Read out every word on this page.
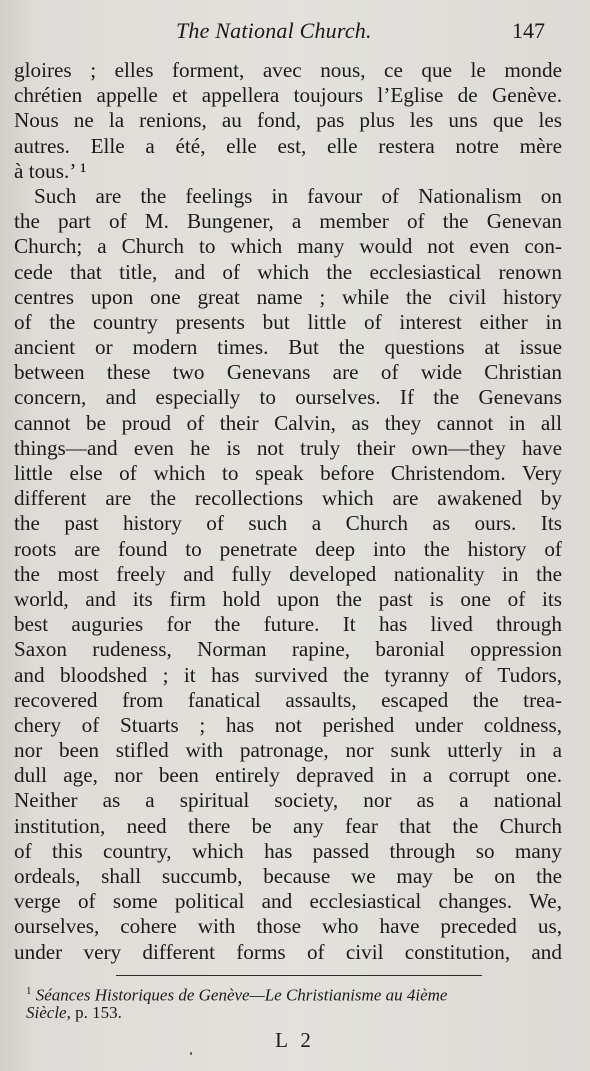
The National Church.	147
gloires ; elles forment, avec nous, ce que le monde
chrétien appelle et appellera toujours l’Eglise de Genève.
Nous ne la renions, au fond, pas plus les uns que les
autres. Elle a été, elle est, elle restera notre mère
à tous.’ ¹
Such are the feelings in favour of Nationalism on
the part of M. Bungener, a member of the Genevan
Church; a Church to which many would not even con-
cede that title, and of which the ecclesiastical renown
centres upon one great name ; while the civil history
of the country presents but little of interest either in
ancient or modern times. But the questions at issue
between these two Genevans are of wide Christian
concern, and especially to ourselves. If the Genevans
cannot be proud of their Calvin, as they cannot in all
things—and even he is not truly their own—they have
little else of which to speak before Christendom. Very
different are the recollections which are awakened by
the past history of such a Church as ours. Its
roots are found to penetrate deep into the history of
the most freely and fully developed nationality in the
world, and its firm hold upon the past is one of its
best auguries for the future. It has lived through
Saxon rudeness, Norman rapine, baronial oppression
and bloodshed ; it has survived the tyranny of Tudors,
recovered from fanatical assaults, escaped the trea-
chery of Stuarts ; has not perished under coldness,
nor been stifled with patronage, nor sunk utterly in a
dull age, nor been entirely depraved in a corrupt one.
Neither as a spiritual society, nor as a national
institution, need there be any fear that the Church
of this country, which has passed through so many
ordeals, shall succumb, because we may be on the
verge of some political and ecclesiastical changes. We,
ourselves, cohere with those who have preceded us,
under very different forms of civil constitution, and
$^1$ Séances Historiques de Genève—Le Christianisme au 4ième
Siècle, p. 153.
L 2
